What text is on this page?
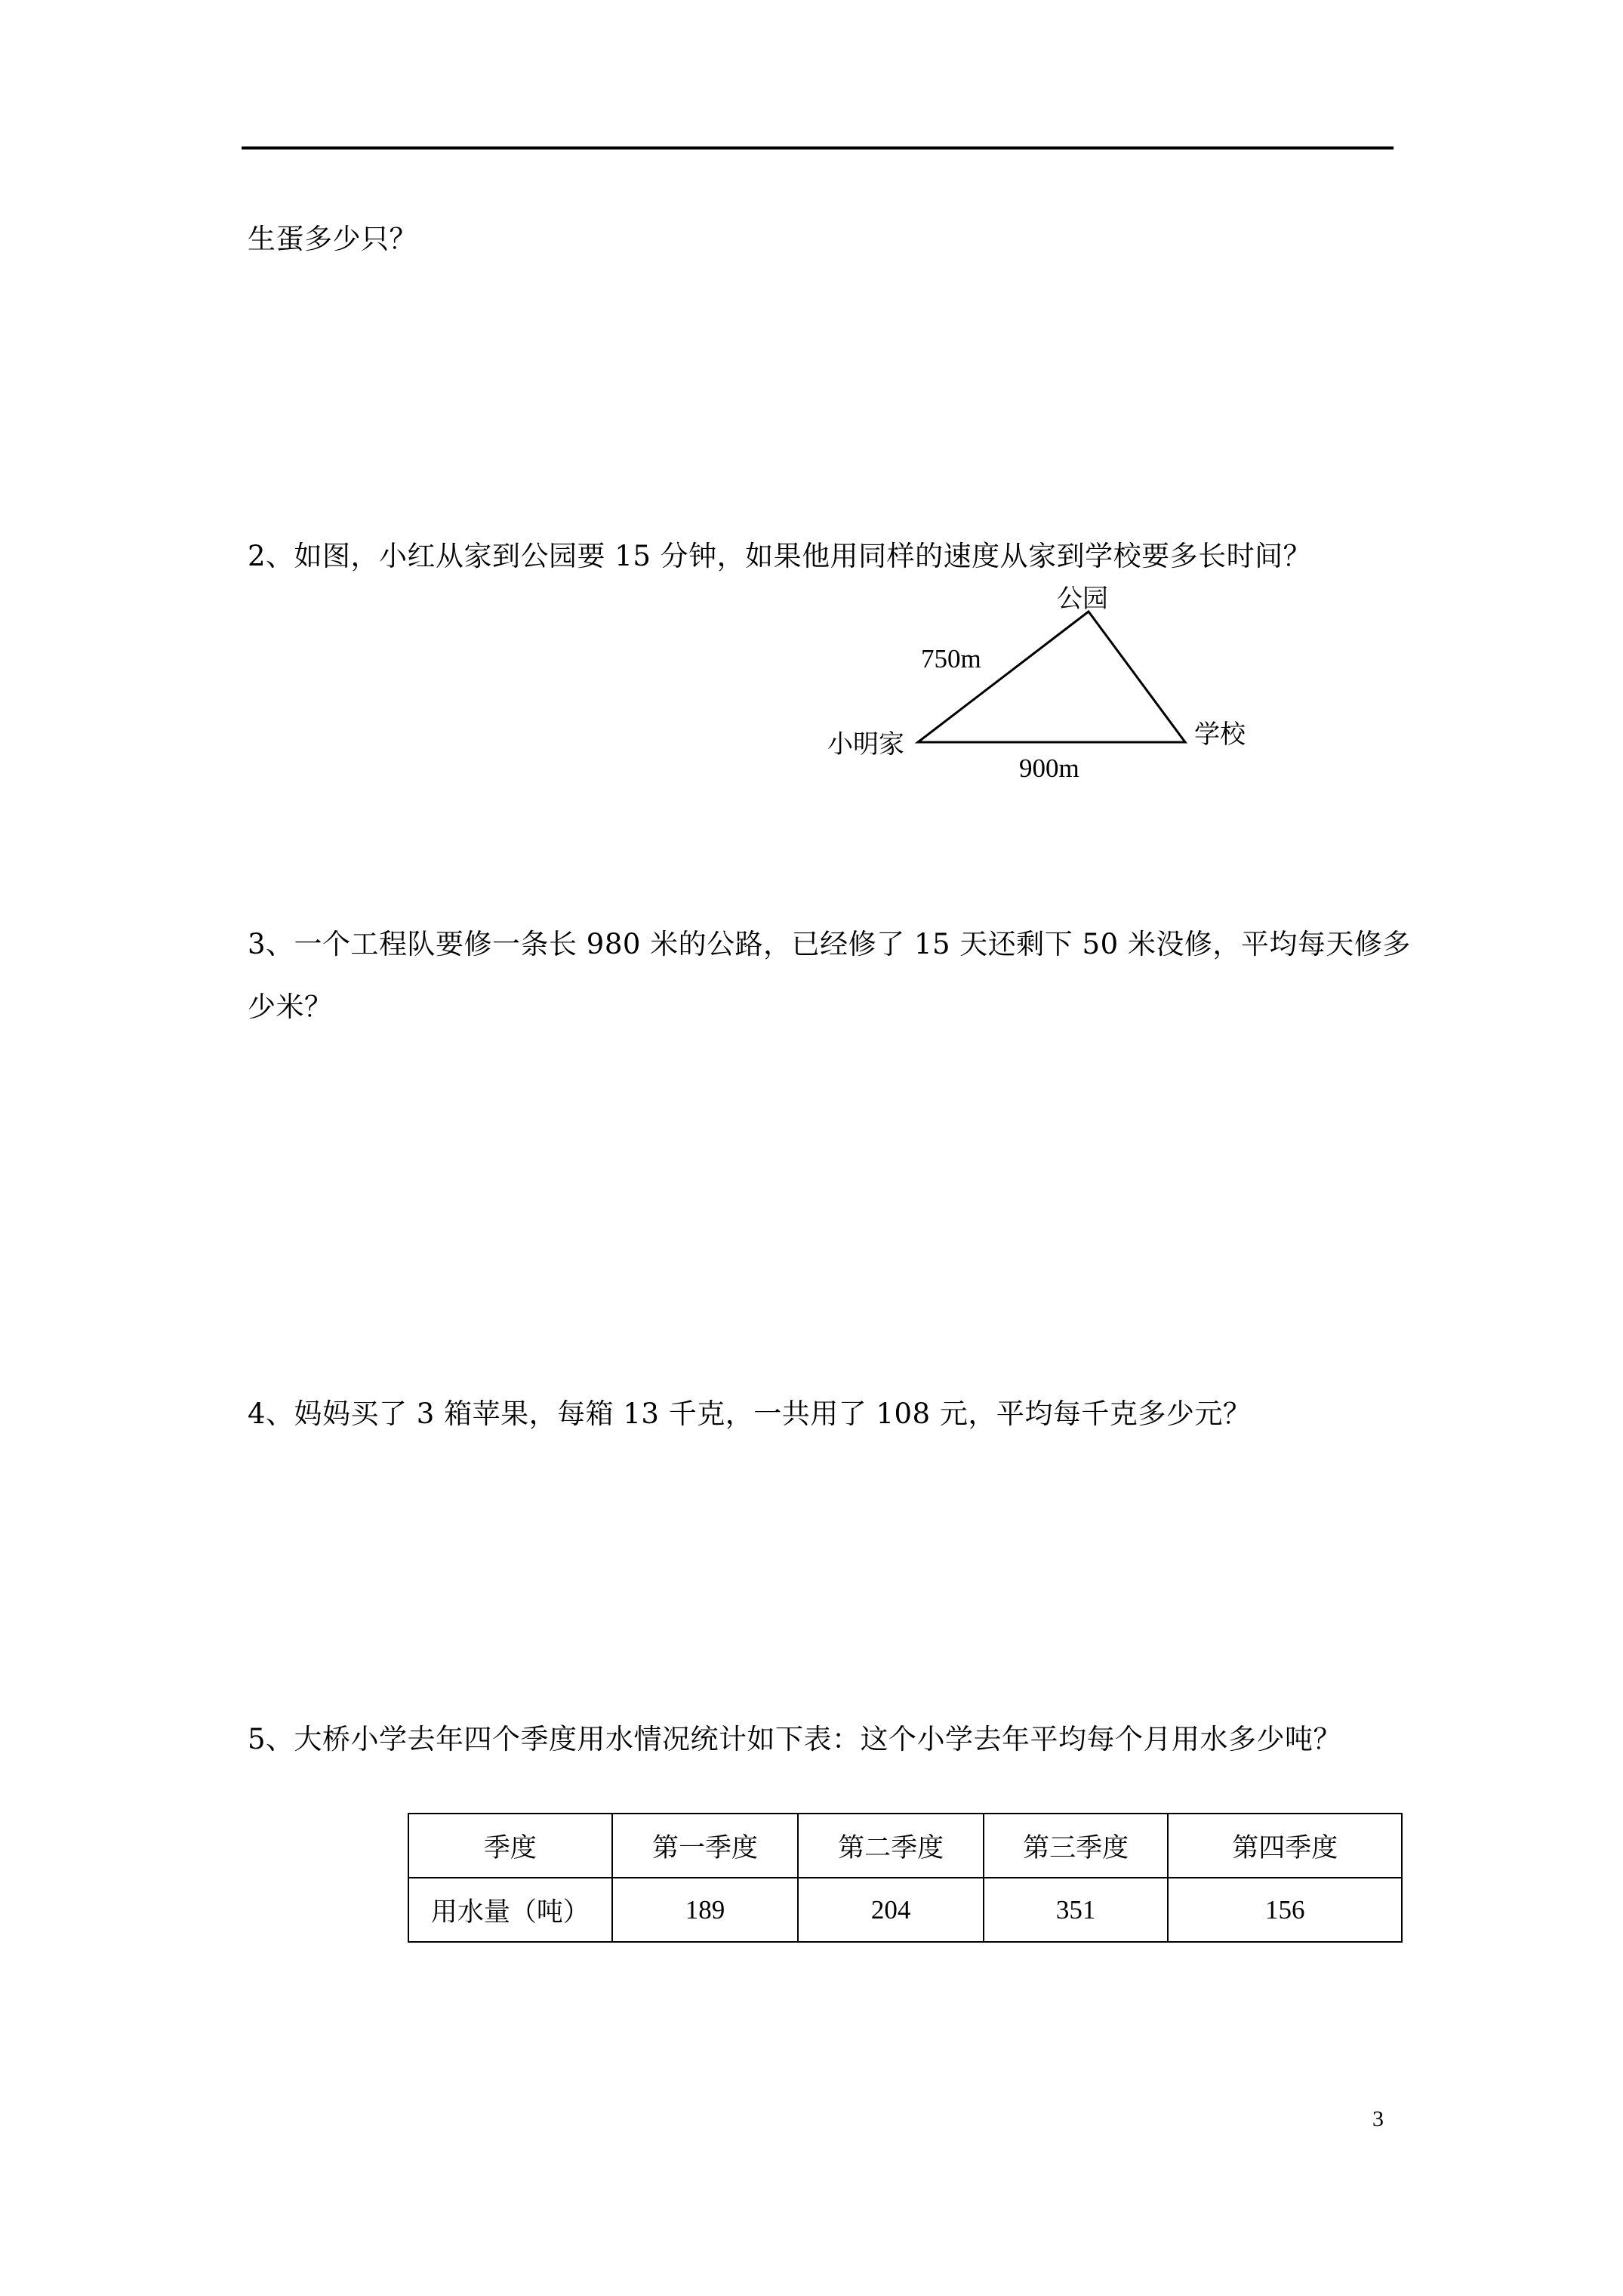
生蛋多少只？
2、如图，小红从家到公园要 15 分钟，如果他用同样的速度从家到学校要多长时间？
公园
750m
小明家	学校
900m
3、一个工程队要修一条长 980 米的公路，已经修了 15 天还剩下 50 米没修，平均每天修多
少米？
4、妈妈买了 3 箱苹果，每箱 13 千克，一共用了 108 元，平均每千克多少元？
5、大桥小学去年四个季度用水情况统计如下表：这个小学去年平均每个月用水多少吨？
季度	第一季度	第二季度	第三季度	第四季度
用水量（吨）	189	204	351	156
3
